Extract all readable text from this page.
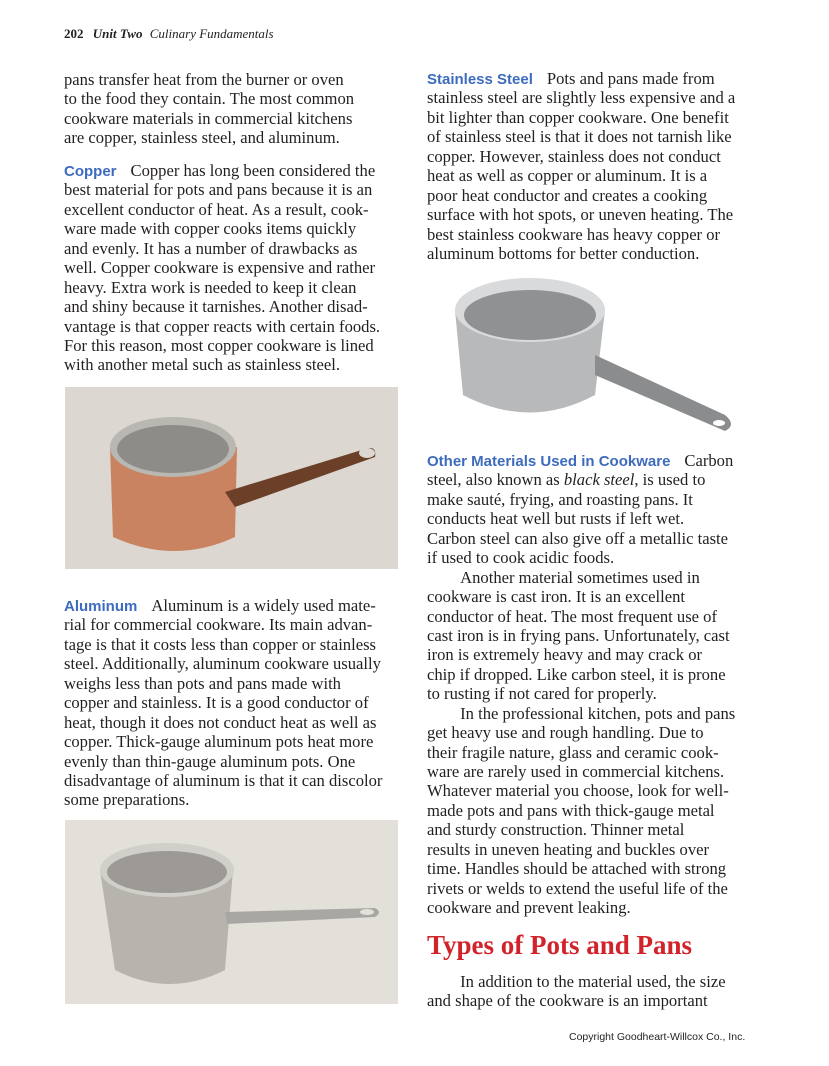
202 Unit Two Culinary Fundamentals
pans transfer heat from the burner or oven
to the food they contain. The most common
cookware materials in commercial kitchens
are copper, stainless steel, and aluminum.
Copper Copper has long been considered the
best material for pots and pans because it is an
excellent conductor of heat. As a result, cook-
ware made with copper cooks items quickly
and evenly. It has a number of drawbacks as
well. Copper cookware is expensive and rather
heavy. Extra work is needed to keep it clean
and shiny because it tarnishes. Another disad-
vantage is that copper reacts with certain foods.
For this reason, most copper cookware is lined
with another metal such as stainless steel.
Aluminum Aluminum is a widely used mate-
rial for commercial cookware. Its main advan-
tage is that it costs less than copper or stainless
steel. Additionally, aluminum cookware usually
weighs less than pots and pans made with
copper and stainless. It is a good conductor of
heat, though it does not conduct heat as well as
copper. Thick-gauge aluminum pots heat more
evenly than thin-gauge aluminum pots. One
disadvantage of aluminum is that it can discolor
some preparations.
Stainless Steel Pots and pans made from
stainless steel are slightly less expensive and a
bit lighter than copper cookware. One benefit
of stainless steel is that it does not tarnish like
copper. However, stainless does not conduct
heat as well as copper or aluminum. It is a
poor heat conductor and creates a cooking
surface with hot spots, or uneven heating. The
best stainless cookware has heavy copper or
aluminum bottoms for better conduction.
Other Materials Used in Cookware Carbon
steel, also known as black steel, is used to
make sauté, frying, and roasting pans. It
conducts heat well but rusts if left wet.
Carbon steel can also give off a metallic taste
if used to cook acidic foods.
Another material sometimes used in
cookware is cast iron. It is an excellent
conductor of heat. The most frequent use of
cast iron is in frying pans. Unfortunately, cast
iron is extremely heavy and may crack or
chip if dropped. Like carbon steel, it is prone
to rusting if not cared for properly.
In the professional kitchen, pots and pans
get heavy use and rough handling. Due to
their fragile nature, glass and ceramic cook-
ware are rarely used in commercial kitchens.
Whatever material you choose, look for well-
made pots and pans with thick-gauge metal
and sturdy construction. Thinner metal
results in uneven heating and buckles over
time. Handles should be attached with strong
rivets or welds to extend the useful life of the
cookware and prevent leaking.
Types of Pots and Pans
In addition to the material used, the size
and shape of the cookware is an important
Copyright Goodheart-Willcox Co., Inc.
